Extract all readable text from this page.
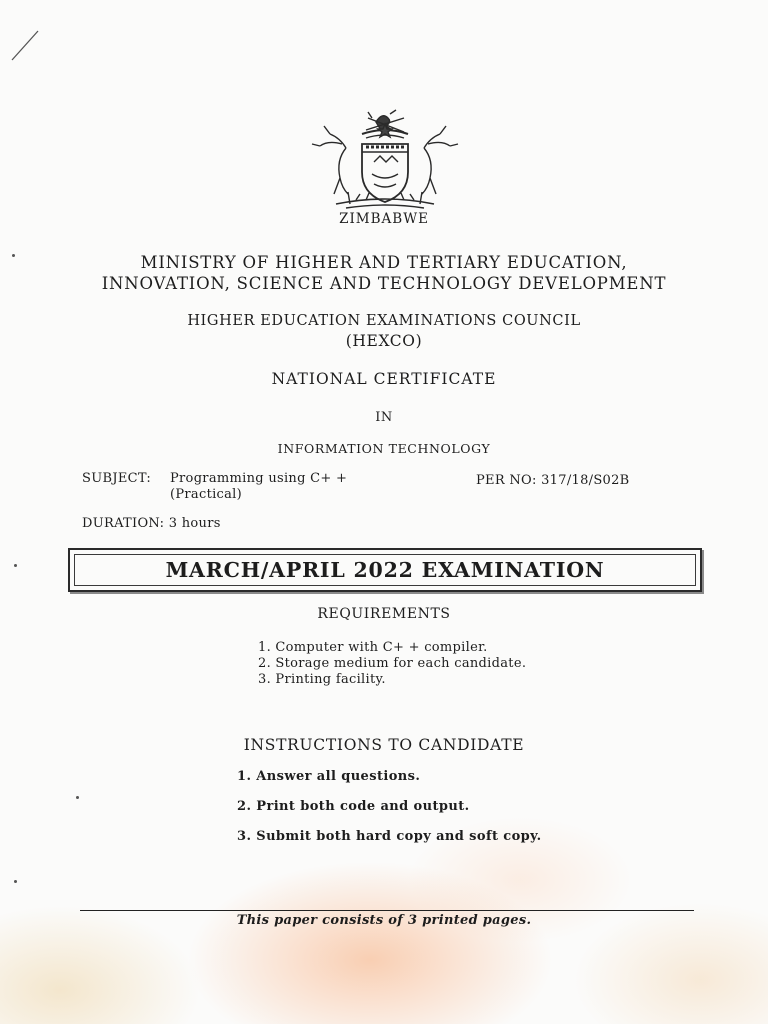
ZIMBABWE
MINISTRY OF HIGHER AND TERTIARY EDUCATION,
INNOVATION, SCIENCE AND TECHNOLOGY DEVELOPMENT
HIGHER EDUCATION EXAMINATIONS COUNCIL
(HEXCO)
NATIONAL CERTIFICATE
IN
INFORMATION TECHNOLOGY
SUBJECT: Programming using C+ +
(Practical)
PER NO: 317/18/S02B
DURATION: 3 hours
MARCH/APRIL 2022 EXAMINATION
REQUIREMENTS
1. Computer with C+ + compiler.
2. Storage medium for each candidate.
3. Printing facility.
INSTRUCTIONS TO CANDIDATE
1. Answer all questions.
2. Print both code and output.
3. Submit both hard copy and soft copy.
This paper consists of 3 printed pages.
